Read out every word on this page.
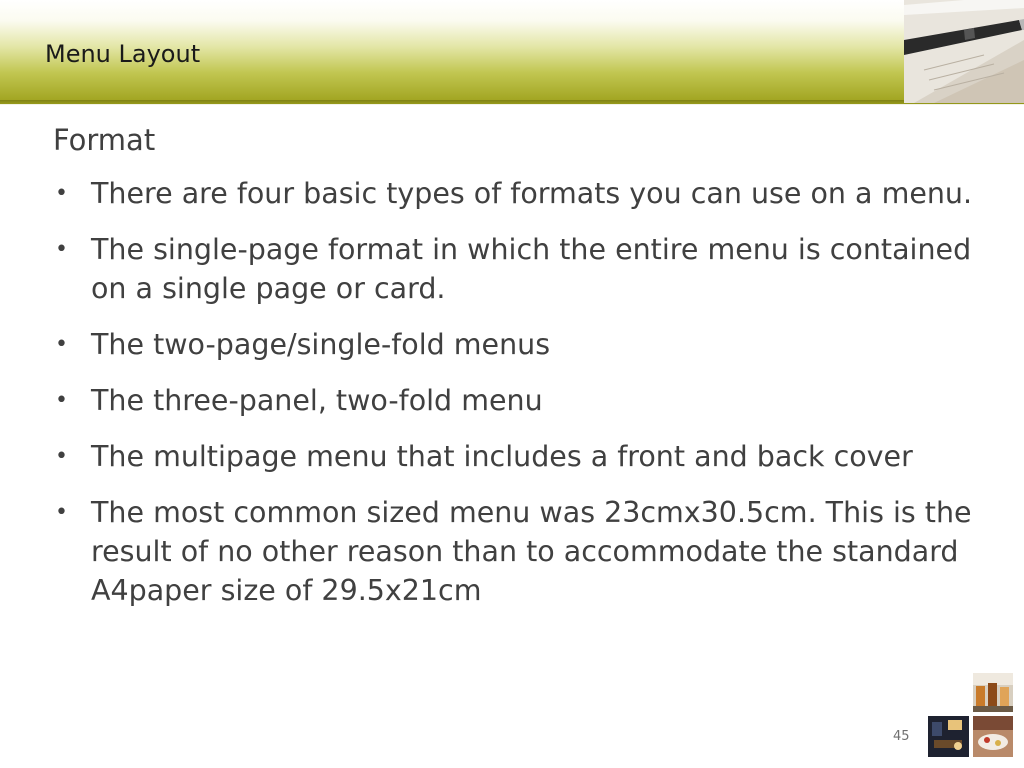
Menu Layout
Format
• There are four basic types of formats you can use on a menu.
• The single-page format in which the entire menu is contained on a single page or card.
• The two-page/single-fold menus
• The three-panel, two-fold menu
• The multipage menu that includes a front and back cover
• The most common sized menu was 23cmx30.5cm. This is the result of no other reason than to accommodate the standard A4paper size of 29.5x21cm
45
